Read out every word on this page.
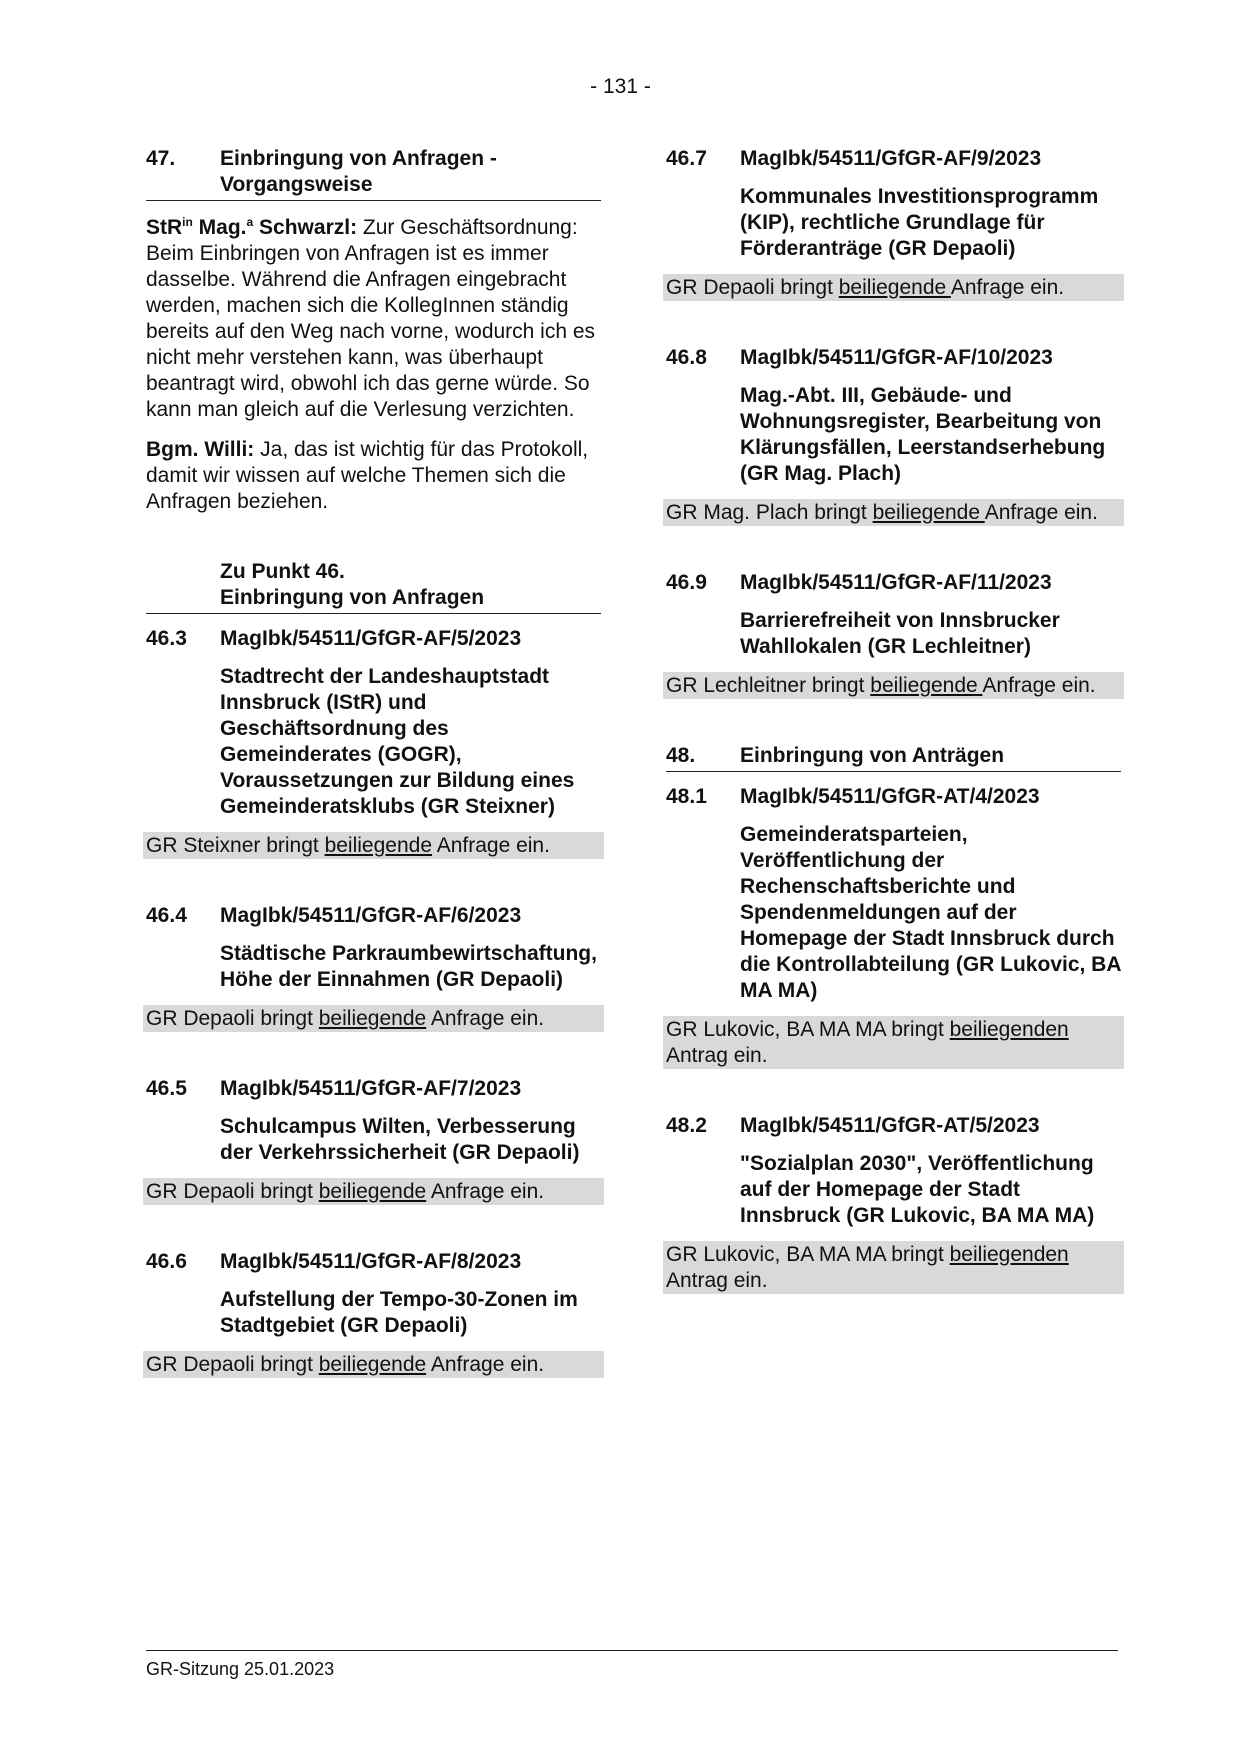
- 131 -
47.	Einbringung von Anfragen - Vorgangsweise
StR$^{in}$ Mag.$^a$ Schwarzl: Zur Geschäftsordnung: Beim Einbringen von Anfragen ist es immer dasselbe. Während die Anfragen eingebracht werden, machen sich die KollegInnen ständig bereits auf den Weg nach vorne, wodurch ich es nicht mehr verstehen kann, was überhaupt beantragt wird, obwohl ich das gerne würde. So kann man gleich auf die Verlesung verzichten.
Bgm. Willi: Ja, das ist wichtig für das Protokoll, damit wir wissen auf welche Themen sich die Anfragen beziehen.
Zu Punkt 46.
Einbringung von Anfragen
46.3	MagIbk/54511/GfGR-AF/5/2023
Stadtrecht der Landeshauptstadt Innsbruck (IStR) und Geschäftsordnung des Gemeinderates (GOGR), Voraussetzungen zur Bildung eines Gemeinderatsklubs (GR Steixner)
GR Steixner bringt beiliegende Anfrage ein.
46.4	MagIbk/54511/GfGR-AF/6/2023
Städtische Parkraumbewirtschaftung, Höhe der Einnahmen (GR Depaoli)
GR Depaoli bringt beiliegende Anfrage ein.
46.5	MagIbk/54511/GfGR-AF/7/2023
Schulcampus Wilten, Verbesserung der Verkehrssicherheit (GR Depaoli)
GR Depaoli bringt beiliegende Anfrage ein.
46.6	MagIbk/54511/GfGR-AF/8/2023
Aufstellung der Tempo-30-Zonen im Stadtgebiet (GR Depaoli)
GR Depaoli bringt beiliegende Anfrage ein.
46.7	MagIbk/54511/GfGR-AF/9/2023
Kommunales Investitionsprogramm (KIP), rechtliche Grundlage für Förderanträge (GR Depaoli)
GR Depaoli bringt beiliegende Anfrage ein.
46.8	MagIbk/54511/GfGR-AF/10/2023
Mag.-Abt. III, Gebäude- und Wohnungsregister, Bearbeitung von Klärungsfällen, Leerstandserhebung (GR Mag. Plach)
GR Mag. Plach bringt beiliegende Anfrage ein.
46.9	MagIbk/54511/GfGR-AF/11/2023
Barrierefreiheit von Innsbrucker Wahllokalen (GR Lechleitner)
GR Lechleitner bringt beiliegende Anfrage ein.
48.	Einbringung von Anträgen
48.1	MagIbk/54511/GfGR-AT/4/2023
Gemeinderatsparteien, Veröffentlichung der Rechenschaftsberichte und Spendenmeldungen auf der Homepage der Stadt Innsbruck durch die Kontrollabteilung (GR Lukovic, BA MA MA)
GR Lukovic, BA MA MA bringt beiliegenden Antrag ein.
48.2	MagIbk/54511/GfGR-AT/5/2023
"Sozialplan 2030", Veröffentlichung auf der Homepage der Stadt Innsbruck (GR Lukovic, BA MA MA)
GR Lukovic, BA MA MA bringt beiliegenden Antrag ein.
GR-Sitzung 25.01.2023
